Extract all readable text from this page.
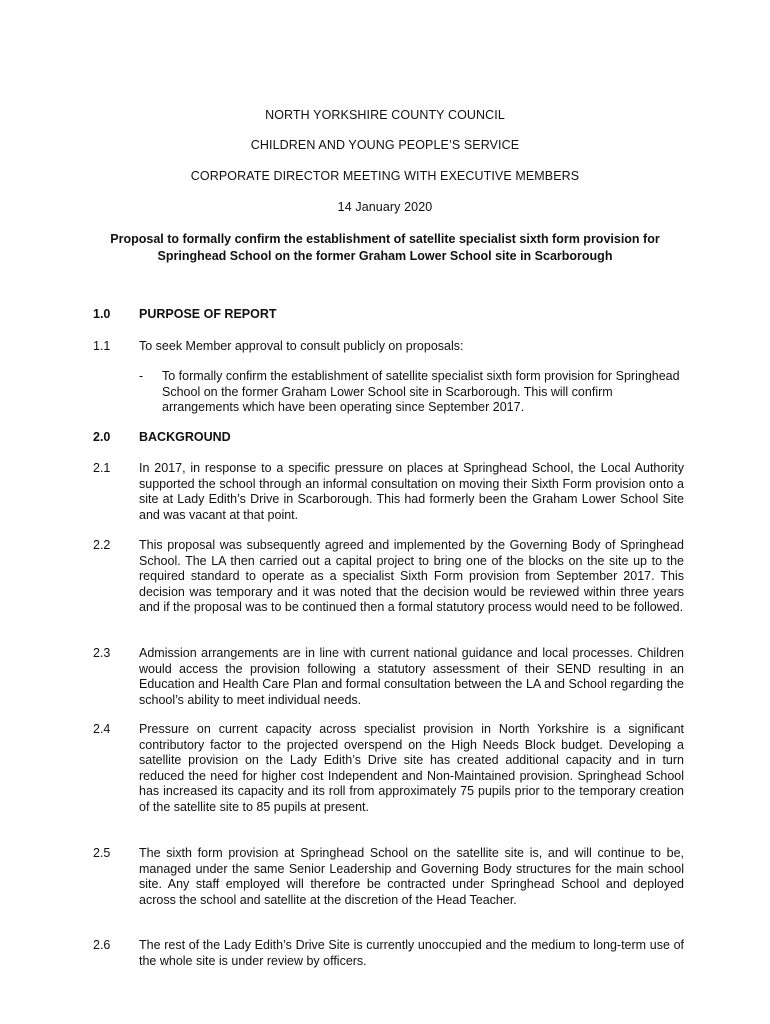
NORTH YORKSHIRE COUNTY COUNCIL
CHILDREN AND YOUNG PEOPLE’S SERVICE
CORPORATE DIRECTOR MEETING WITH EXECUTIVE MEMBERS
14 January 2020
Proposal to formally confirm the establishment of satellite specialist sixth form provision for Springhead School on the former Graham Lower School site in Scarborough
1.0 PURPOSE OF REPORT
1.1 To seek Member approval to consult publicly on proposals:
- To formally confirm the establishment of satellite specialist sixth form provision for Springhead School on the former Graham Lower School site in Scarborough. This will confirm arrangements which have been operating since September 2017.
2.0 BACKGROUND
2.1 In 2017, in response to a specific pressure on places at Springhead School, the Local Authority supported the school through an informal consultation on moving their Sixth Form provision onto a site at Lady Edith’s Drive in Scarborough. This had formerly been the Graham Lower School Site and was vacant at that point.
2.2 This proposal was subsequently agreed and implemented by the Governing Body of Springhead School. The LA then carried out a capital project to bring one of the blocks on the site up to the required standard to operate as a specialist Sixth Form provision from September 2017. This decision was temporary and it was noted that the decision would be reviewed within three years and if the proposal was to be continued then a formal statutory process would need to be followed.
2.3 Admission arrangements are in line with current national guidance and local processes. Children would access the provision following a statutory assessment of their SEND resulting in an Education and Health Care Plan and formal consultation between the LA and School regarding the school’s ability to meet individual needs.
2.4 Pressure on current capacity across specialist provision in North Yorkshire is a significant contributory factor to the projected overspend on the High Needs Block budget. Developing a satellite provision on the Lady Edith’s Drive site has created additional capacity and in turn reduced the need for higher cost Independent and Non-Maintained provision. Springhead School has increased its capacity and its roll from approximately 75 pupils prior to the temporary creation of the satellite site to 85 pupils at present.
2.5 The sixth form provision at Springhead School on the satellite site is, and will continue to be, managed under the same Senior Leadership and Governing Body structures for the main school site. Any staff employed will therefore be contracted under Springhead School and deployed across the school and satellite at the discretion of the Head Teacher.
2.6 The rest of the Lady Edith’s Drive Site is currently unoccupied and the medium to long-term use of the whole site is under review by officers.
